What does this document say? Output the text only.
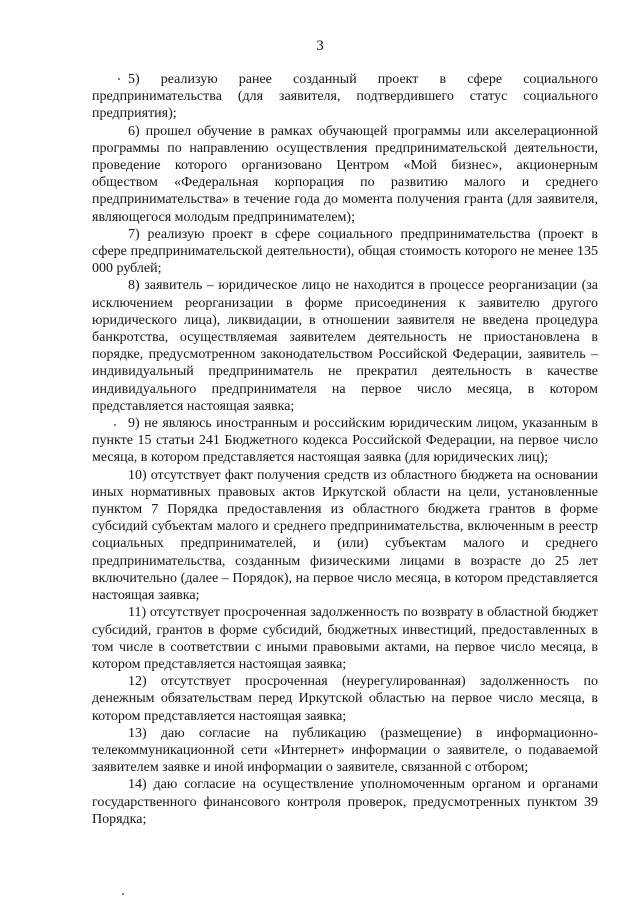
3

5) реализую ранее созданный проект в сфере социального предпринимательства (для заявителя, подтвердившего статус социального предприятия);

6) прошел обучение в рамках обучающей программы или акселерационной программы по направлению осуществления предпринимательской деятельности, проведение которого организовано Центром «Мой бизнес», акционерным обществом «Федеральная корпорация по развитию малого и среднего предпринимательства» в течение года до момента получения гранта (для заявителя, являющегося молодым предпринимателем);

7) реализую проект в сфере социального предпринимательства (проект в сфере предпринимательской деятельности), общая стоимость которого не менее 135 000 рублей;

8) заявитель – юридическое лицо не находится в процессе реорганизации (за исключением реорганизации в форме присоединения к заявителю другого юридического лица), ликвидации, в отношении заявителя не введена процедура банкротства, осуществляемая заявителем деятельность не приостановлена в порядке, предусмотренном законодательством Российской Федерации, заявитель – индивидуальный предприниматель не прекратил деятельность в качестве индивидуального предпринимателя на первое число месяца, в котором представляется настоящая заявка;

9) не являюсь иностранным и российским юридическим лицом, указанным в пункте 15 статьи 241 Бюджетного кодекса Российской Федерации, на первое число месяца, в котором представляется настоящая заявка (для юридических лиц);

10) отсутствует факт получения средств из областного бюджета на основании иных нормативных правовых актов Иркутской области на цели, установленные пунктом 7 Порядка предоставления из областного бюджета грантов в форме субсидий субъектам малого и среднего предпринимательства, включенным в реестр социальных предпринимателей, и (или) субъектам малого и среднего предпринимательства, созданным физическими лицами в возрасте до 25 лет включительно (далее – Порядок), на первое число месяца, в котором представляется настоящая заявка;

11) отсутствует просроченная задолженность по возврату в областной бюджет субсидий, грантов в форме субсидий, бюджетных инвестиций, предоставленных в том числе в соответствии с иными правовыми актами, на первое число месяца, в котором представляется настоящая заявка;

12) отсутствует просроченная (неурегулированная) задолженность по денежным обязательствам перед Иркутской областью на первое число месяца, в котором представляется настоящая заявка;

13) даю согласие на публикацию (размещение) в информационно-телекоммуникационной сети «Интернет» информации о заявителе, о подаваемой заявителем заявке и иной информации о заявителе, связанной с отбором;

14) даю согласие на осуществление уполномоченным органом и органами государственного финансового контроля проверок, предусмотренных пунктом 39 Порядка;
